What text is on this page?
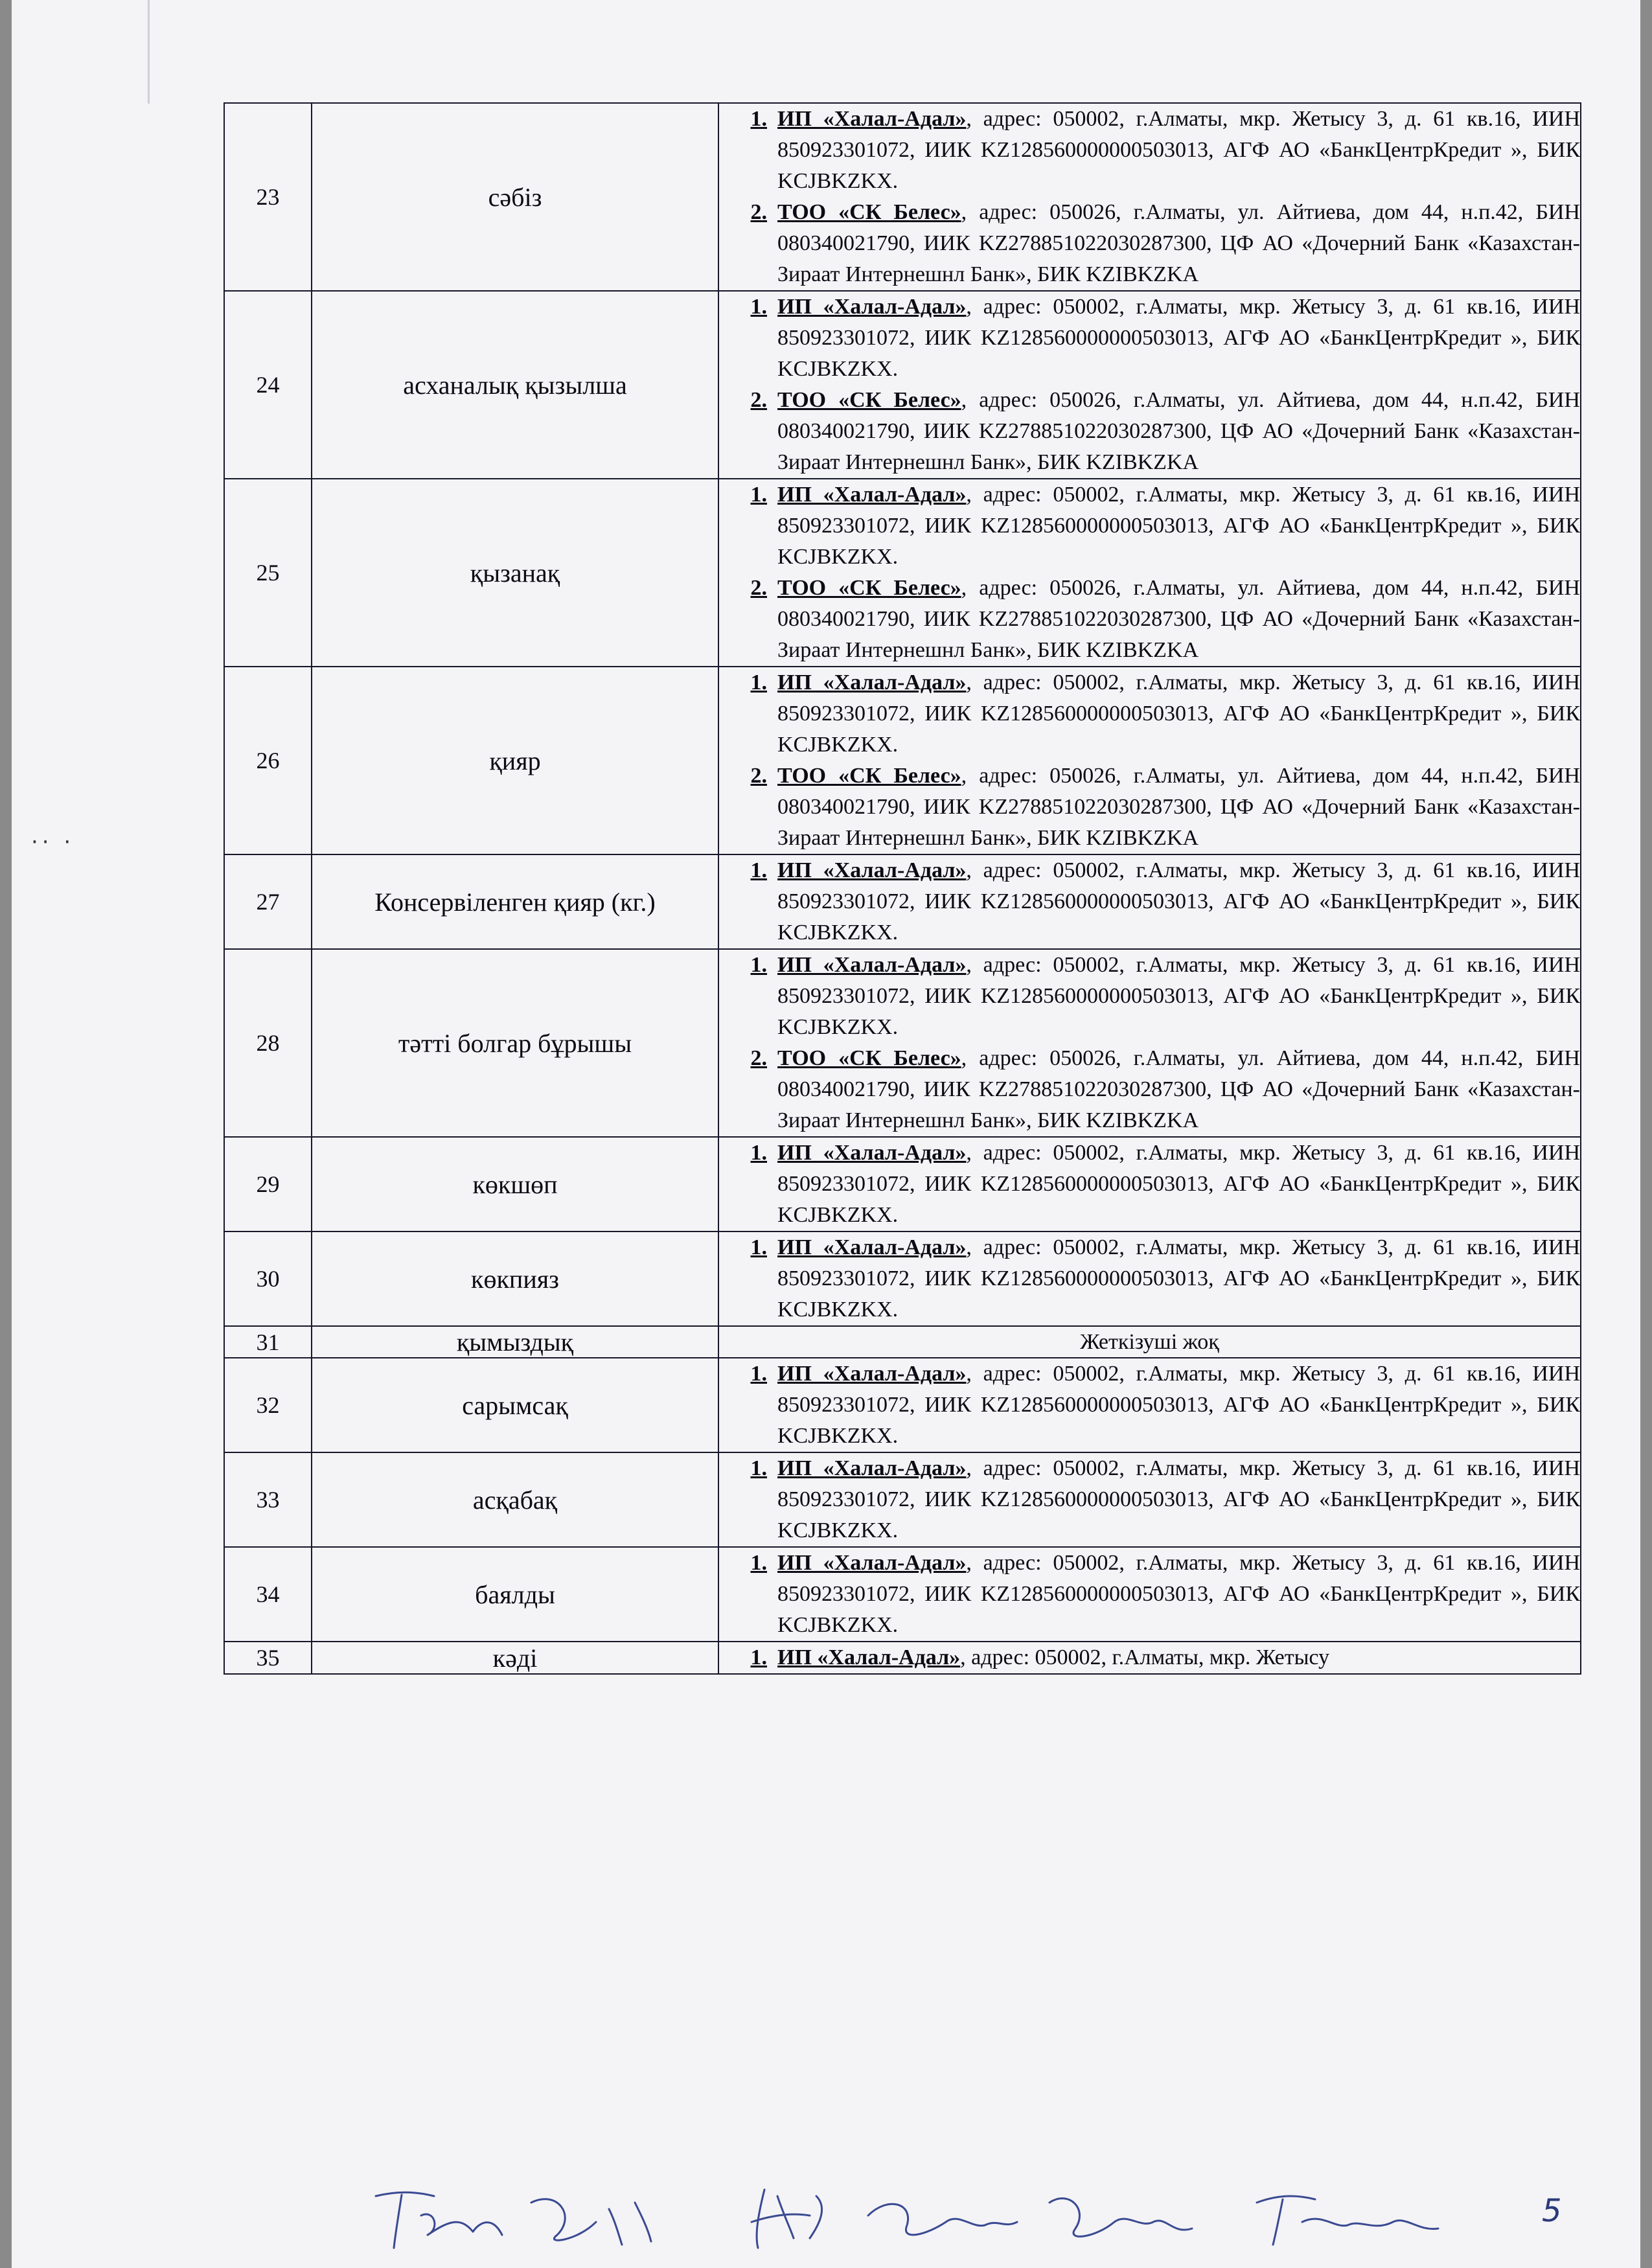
·· ·
23	сәбіз	1. ИП «Халал-Адал», адрес: 050002, г.Алматы, мкр. Жетысу 3, д. 61 кв.16, ИИН 850923301072, ИИК KZ128560000000503013, АГФ АО «БанкЦентрКредит », БИК KCJBKZKX.
2. ТОО «СК Белес», адрес: 050026, г.Алматы, ул. Айтиева, дом 44, н.п.42, БИН 080340021790, ИИК KZ278851022030287300, ЦФ АО «Дочерний Банк «Казахстан-Зираат Интернешнл Банк», БИК KZIBKZKA

24	асханалық қызылша	1. ИП «Халал-Адал», адрес: 050002, г.Алматы, мкр. Жетысу 3, д. 61 кв.16, ИИН 850923301072, ИИК KZ128560000000503013, АГФ АО «БанкЦентрКредит », БИК KCJBKZKX.
2. ТОО «СК Белес», адрес: 050026, г.Алматы, ул. Айтиева, дом 44, н.п.42, БИН 080340021790, ИИК KZ278851022030287300, ЦФ АО «Дочерний Банк «Казахстан-Зираат Интернешнл Банк», БИК KZIBKZKA

25	қызанақ	1. ИП «Халал-Адал», адрес: 050002, г.Алматы, мкр. Жетысу 3, д. 61 кв.16, ИИН 850923301072, ИИК KZ128560000000503013, АГФ АО «БанкЦентрКредит », БИК KCJBKZKX.
2. ТОО «СК Белес», адрес: 050026, г.Алматы, ул. Айтиева, дом 44, н.п.42, БИН 080340021790, ИИК KZ278851022030287300, ЦФ АО «Дочерний Банк «Казахстан-Зираат Интернешнл Банк», БИК KZIBKZKA

26	қияр	1. ИП «Халал-Адал», адрес: 050002, г.Алматы, мкр. Жетысу 3, д. 61 кв.16, ИИН 850923301072, ИИК KZ128560000000503013, АГФ АО «БанкЦентрКредит », БИК KCJBKZKX.
2. ТОО «СК Белес», адрес: 050026, г.Алматы, ул. Айтиева, дом 44, н.п.42, БИН 080340021790, ИИК KZ278851022030287300, ЦФ АО «Дочерний Банк «Казахстан-Зираат Интернешнл Банк», БИК KZIBKZKA

27	Консервіленген қияр (кг.)	1. ИП «Халал-Адал», адрес: 050002, г.Алматы, мкр. Жетысу 3, д. 61 кв.16, ИИН 850923301072, ИИК KZ128560000000503013, АГФ АО «БанкЦентрКредит », БИК KCJBKZKX.

28	тәтті болгар бұрышы	1. ИП «Халал-Адал», адрес: 050002, г.Алматы, мкр. Жетысу 3, д. 61 кв.16, ИИН 850923301072, ИИК KZ128560000000503013, АГФ АО «БанкЦентрКредит », БИК KCJBKZKX.
2. ТОО «СК Белес», адрес: 050026, г.Алматы, ул. Айтиева, дом 44, н.п.42, БИН 080340021790, ИИК KZ278851022030287300, ЦФ АО «Дочерний Банк «Казахстан-Зираат Интернешнл Банк», БИК KZIBKZKA

29	көкшөп	1. ИП «Халал-Адал», адрес: 050002, г.Алматы, мкр. Жетысу 3, д. 61 кв.16, ИИН 850923301072, ИИК KZ128560000000503013, АГФ АО «БанкЦентрКредит », БИК KCJBKZKX.

30	көкпияз	1. ИП «Халал-Адал», адрес: 050002, г.Алматы, мкр. Жетысу 3, д. 61 кв.16, ИИН 850923301072, ИИК KZ128560000000503013, АГФ АО «БанкЦентрКредит », БИК KCJBKZKX.

31	қымыздық	Жеткізуші жоқ

32	сарымсақ	1. ИП «Халал-Адал», адрес: 050002, г.Алматы, мкр. Жетысу 3, д. 61 кв.16, ИИН 850923301072, ИИК KZ128560000000503013, АГФ АО «БанкЦентрКредит », БИК KCJBKZKX.

33	асқабақ	1. ИП «Халал-Адал», адрес: 050002, г.Алматы, мкр. Жетысу 3, д. 61 кв.16, ИИН 850923301072, ИИК KZ128560000000503013, АГФ АО «БанкЦентрКредит », БИК KCJBKZKX.

34	баялды	1. ИП «Халал-Адал», адрес: 050002, г.Алматы, мкр. Жетысу 3, д. 61 кв.16, ИИН 850923301072, ИИК KZ128560000000503013, АГФ АО «БанкЦентрКредит », БИК KCJBKZKX.

35	кәді	1. ИП «Халал-Адал», адрес: 050002, г.Алматы, мкр. Жетысу
5
